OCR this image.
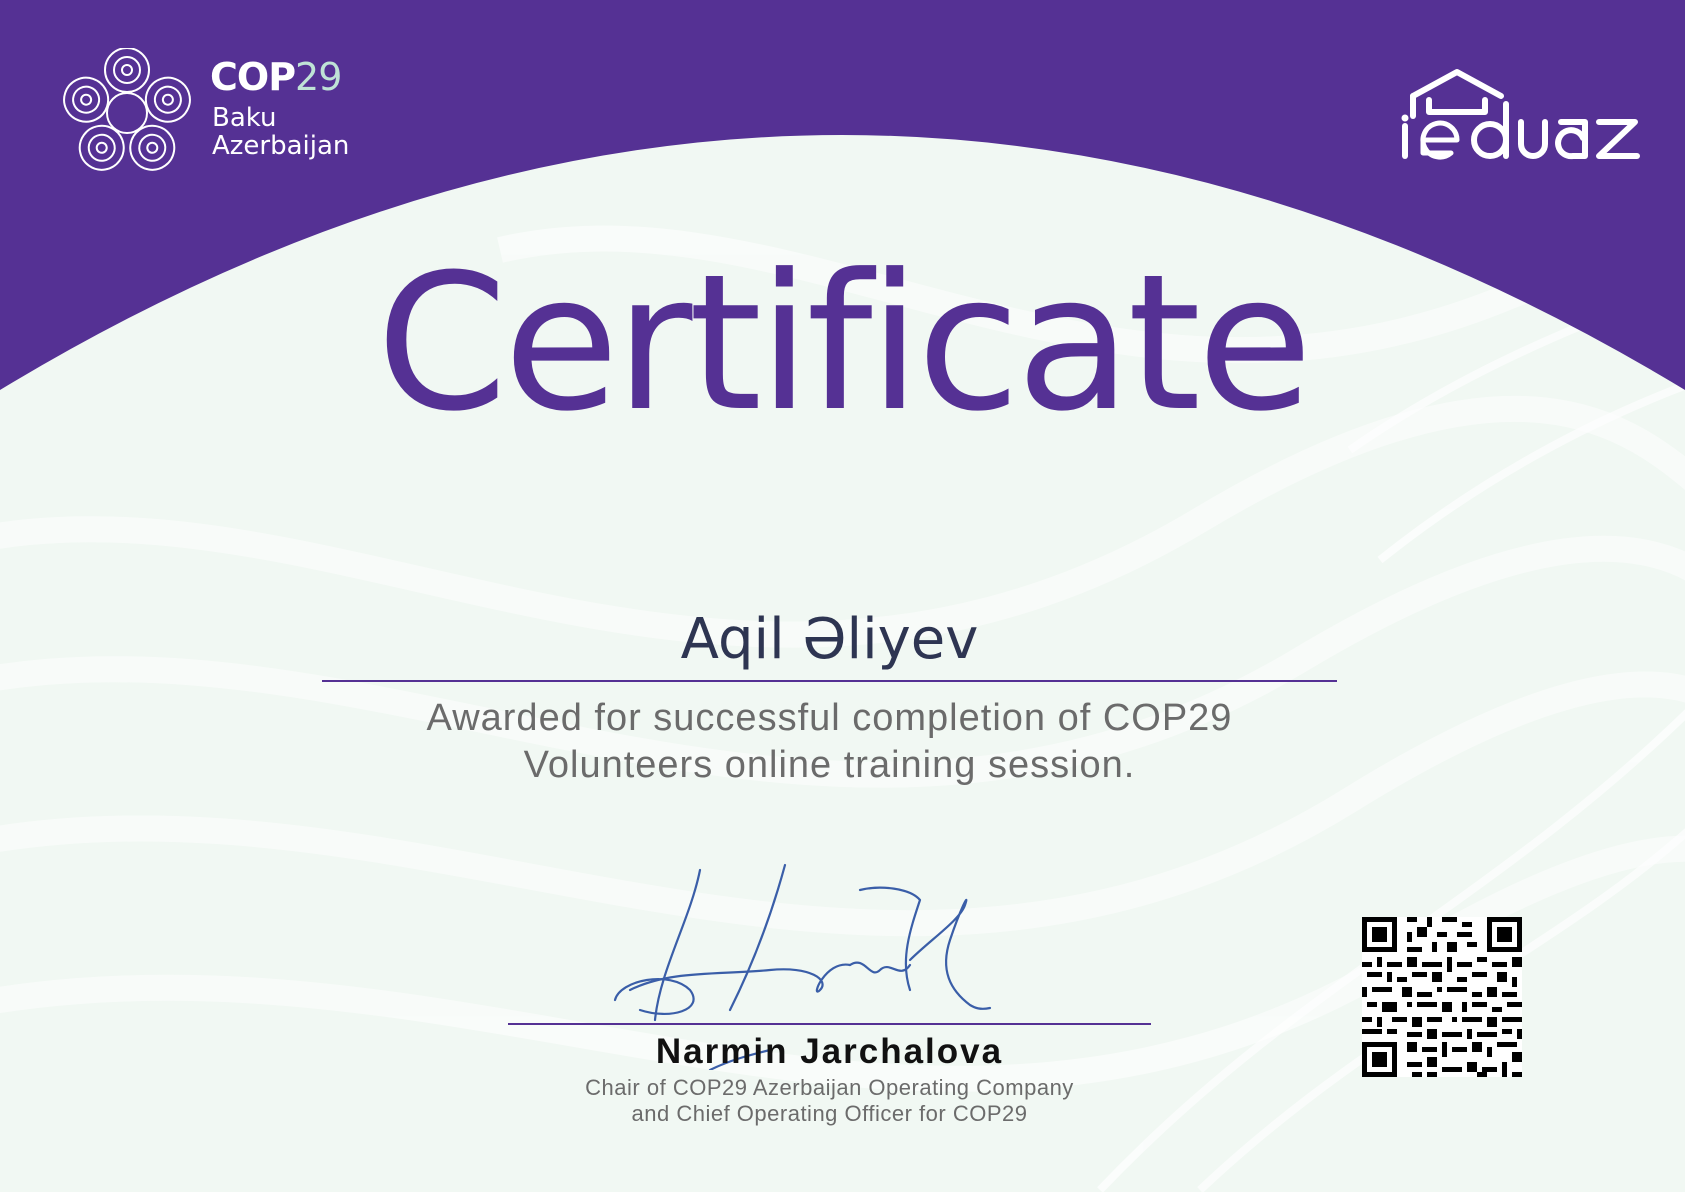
COP29
Baku
Azerbaijan
Certificate
Aqil Əliyev
Awarded for successful completion of COP29
Volunteers online training session.
Narmin Jarchalova
Chair of COP29 Azerbaijan Operating Company
and Chief Operating Officer for COP29
